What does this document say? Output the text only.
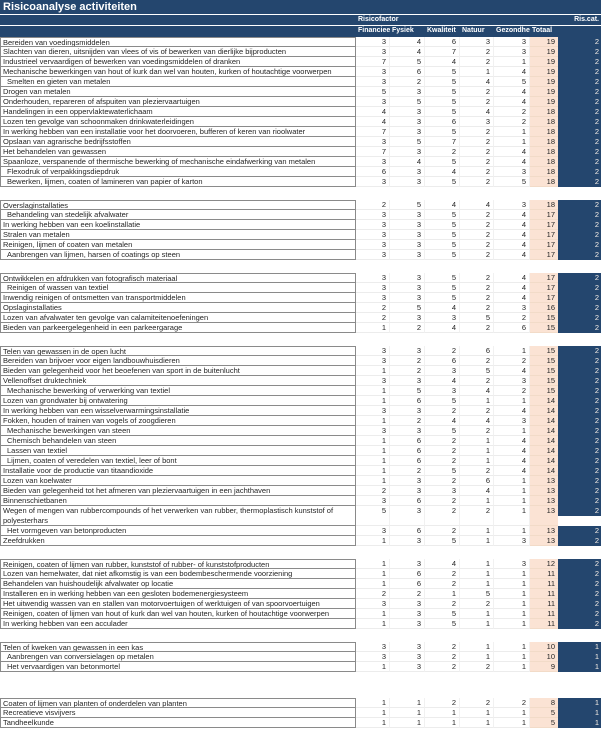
Risicoanalyse activiteiten
Risicofactor	Ris.cat.
Financiee Fysiek	Kwaliteit Natuur	Gezondhe Totaal
Bereiden van voedingsmiddelen	3	4	6	3	3	19	2
Slachten van dieren, uitsnijden van vlees of vis of bewerken van dierlijke bijproducten	3	4	7	2	3	19	2
Industrieel vervaardigen of bewerken van voedingsmiddelen of dranken	7	5	4	2	1	19	2
Mechanische bewerkingen van hout of kurk dan wel van houten, kurken of houtachtige voorwerpen	3	6	5	1	4	19	2
Smelten en gieten van metalen	3	2	5	4	5	19	2
Drogen van metalen	5	3	5	2	4	19	2
Onderhouden, repareren of afspuiten van pleziervaartuigen	3	5	5	2	4	19	2
Handelingen in een oppervlaktewaterlichaam	4	3	5	4	2	18	2
Lozen ten gevolge van schoonmaken drinkwaterleidingen	4	3	6	3	2	18	2
In werking hebben van een installatie voor het doorvoeren, bufferen of keren van rioolwater	7	3	5	2	1	18	2
Opslaan van agrarische bedrijfsstoffen	3	5	7	2	1	18	2
Het behandelen van gewassen	7	3	2	2	4	18	2
Spaanloze, verspanende of thermische bewerking of mechanische eindafwerking van metalen	3	4	5	2	4	18	2
Flexodruk of verpakkingsdiepdruk	6	3	4	2	3	18	2
Bewerken, lijmen, coaten of lamineren van papier of karton	3	3	5	2	5	18	2
Overslaginstallaties	2	5	4	4	3	18	2
Behandeling van stedelijk afvalwater	3	3	5	2	4	17	2
In werking hebben van een koelinstallatie	3	3	5	2	4	17	2
Stralen van metalen	3	3	5	2	4	17	2
Reinigen, lijmen of coaten van metalen	3	3	5	2	4	17	2
Aanbrengen van lijmen, harsen of coatings op steen	3	3	5	2	4	17	2
Ontwikkelen en afdrukken van fotografisch materiaal	3	3	5	2	4	17	2
Reinigen of wassen van textiel	3	3	5	2	4	17	2
Inwendig reinigen of ontsmetten van transportmiddelen	3	3	5	2	4	17	2
Opslaginstallaties	2	5	4	2	3	16	2
Lozen van afvalwater ten gevolge van calamiteitenoefeningen	2	3	3	5	2	15	2
Bieden van parkeergelegenheid in een parkeergarage	1	2	4	2	6	15	2
Telen van gewassen in de open lucht	3	3	2	6	1	15	2
Bereiden van brijvoer voor eigen landbouwhuisdieren	3	2	6	2	2	15	2
Bieden van gelegenheid voor het beoefenen van sport in de buitenlucht	1	2	3	5	4	15	2
Vellenoffset druktechniek	3	3	4	2	3	15	2
Mechanische bewerking of verwerking van textiel	1	5	3	4	2	15	2
Lozen van grondwater bij ontwatering	1	6	5	1	1	14	2
In werking hebben van een wisselverwarmingsinstallatie	3	3	2	2	4	14	2
Fokken, houden of trainen van vogels of zoogdieren	1	2	4	4	3	14	2
Mechanische bewerkingen van steen	3	3	5	2	1	14	2
Chemisch behandelen van steen	1	6	2	1	4	14	2
Lassen van textiel	1	6	2	1	4	14	2
Lijmen, coaten of veredelen van textiel, leer of bont	1	6	2	1	4	14	2
Installatie voor de productie van titaandioxide	1	2	5	2	4	14	2
Lozen van koelwater	1	3	2	6	1	13	2
Bieden van gelegenheid tot het afmeren van pleziervaartuigen in een jachthaven	2	3	3	4	1	13	2
Binnenschietbanen	3	6	2	1	1	13	2
Wegen of mengen van rubbercompounds of het verwerken van rubber, thermoplastisch kunststof of polyesterhars
5	3	2	2	1	13	2
Het vormgeven van betonproducten	3	6	2	1	1	13	2
Zeefdrukken	1	3	5	1	3	13	2
Reinigen, coaten of lijmen van rubber, kunststof of rubber- of kunststofproducten	1	3	4	1	3	12	2
Lozen van hemelwater, dat niet afkomstig is van een bodembeschermende voorziening	1	6	2	1	1	11	2
Behandelen van huishoudelijk afvalwater op locatie	1	6	2	1	1	11	2
Installeren en in werking hebben van een gesloten bodemenergiesysteem	2	2	1	5	1	11	2
Het uitwendig wassen van en stallen van motorvoertuigen of werktuigen of van spoorvoertuigen	3	3	2	2	1	11	2
Reinigen, coaten of lijmen van hout of kurk dan wel van houten, kurken of houtachtige voorwerpen	1	3	5	1	1	11	2
In werking hebben van een acculader	1	3	5	1	1	11	2
Telen of kweken van gewassen in een kas	3	3	2	1	1	10	1
Aanbrengen van conversielagen op metalen	3	3	2	1	1	10	1
Het vervaardigen van betonmortel	1	3	2	2	1	9	1
Coaten of lijmen van planten of onderdelen van planten	1	1	2	2	2	8	1
Recreatieve visvijvers	1	1	1	1	1	5	1
Tandheelkunde	1	1	1	1	1	5	1
